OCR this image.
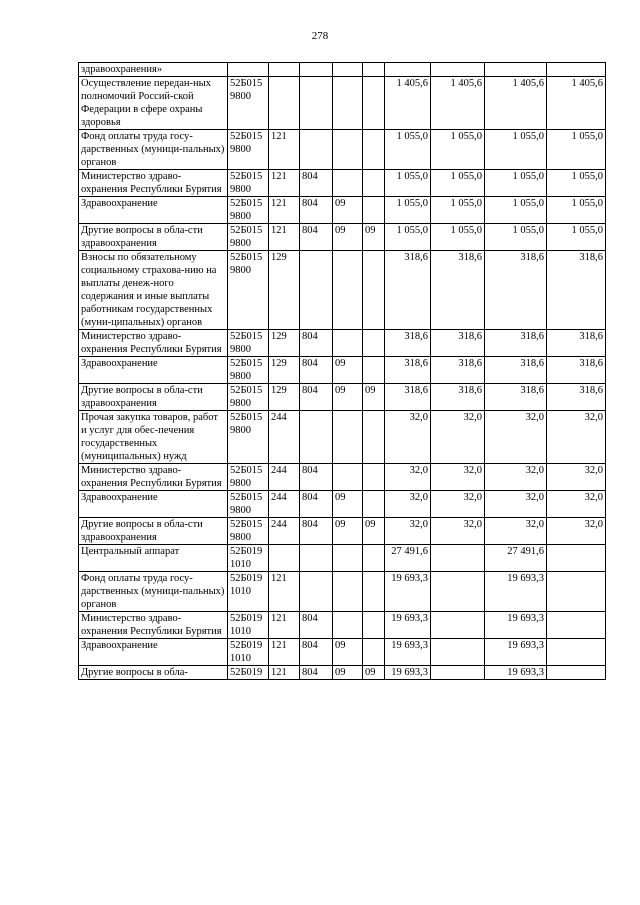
278
здравоохранения»									
Осуществление передан-ных полномочий Россий-ской Федерации в сфере охраны здоровья	52Б015 9800					1 405,6	1 405,6	1 405,6	1 405,6
Фонд оплаты труда госу-дарственных (муници-пальных) органов	52Б015 9800	121				1 055,0	1 055,0	1 055,0	1 055,0
Министерство здраво-охранения Республики Бурятия	52Б015 9800	121	804			1 055,0	1 055,0	1 055,0	1 055,0
Здравоохранение	52Б015 9800	121	804	09		1 055,0	1 055,0	1 055,0	1 055,0
Другие вопросы в обла-сти здравоохранения	52Б015 9800	121	804	09	09	1 055,0	1 055,0	1 055,0	1 055,0
Взносы по обязательному социальному страхова-нию на выплаты денеж-ного содержания и иные выплаты работникам государственных (муни-ципальных) органов	52Б015 9800	129				318,6	318,6	318,6	318,6
Министерство здраво-охранения Республики Бурятия	52Б015 9800	129	804			318,6	318,6	318,6	318,6
Здравоохранение	52Б015 9800	129	804	09		318,6	318,6	318,6	318,6
Другие вопросы в обла-сти здравоохранения	52Б015 9800	129	804	09	09	318,6	318,6	318,6	318,6
Прочая закупка товаров, работ и услуг для обес-печения государственных (муниципальных) нужд	52Б015 9800	244				32,0	32,0	32,0	32,0
Министерство здраво-охранения Республики Бурятия	52Б015 9800	244	804			32,0	32,0	32,0	32,0
Здравоохранение	52Б015 9800	244	804	09		32,0	32,0	32,0	32,0
Другие вопросы в обла-сти здравоохранения	52Б015 9800	244	804	09	09	32,0	32,0	32,0	32,0
Центральный аппарат	52Б019 1010					27 491,6		27 491,6	
Фонд оплаты труда госу-дарственных (муници-пальных) органов	52Б019 1010	121				19 693,3		19 693,3	
Министерство здраво-охранения Республики Бурятия	52Б019 1010	121	804			19 693,3		19 693,3	
Здравоохранение	52Б019 1010	121	804	09		19 693,3		19 693,3	
Другие вопросы в обла-	52Б019	121	804	09	09	19 693,3		19 693,3	
